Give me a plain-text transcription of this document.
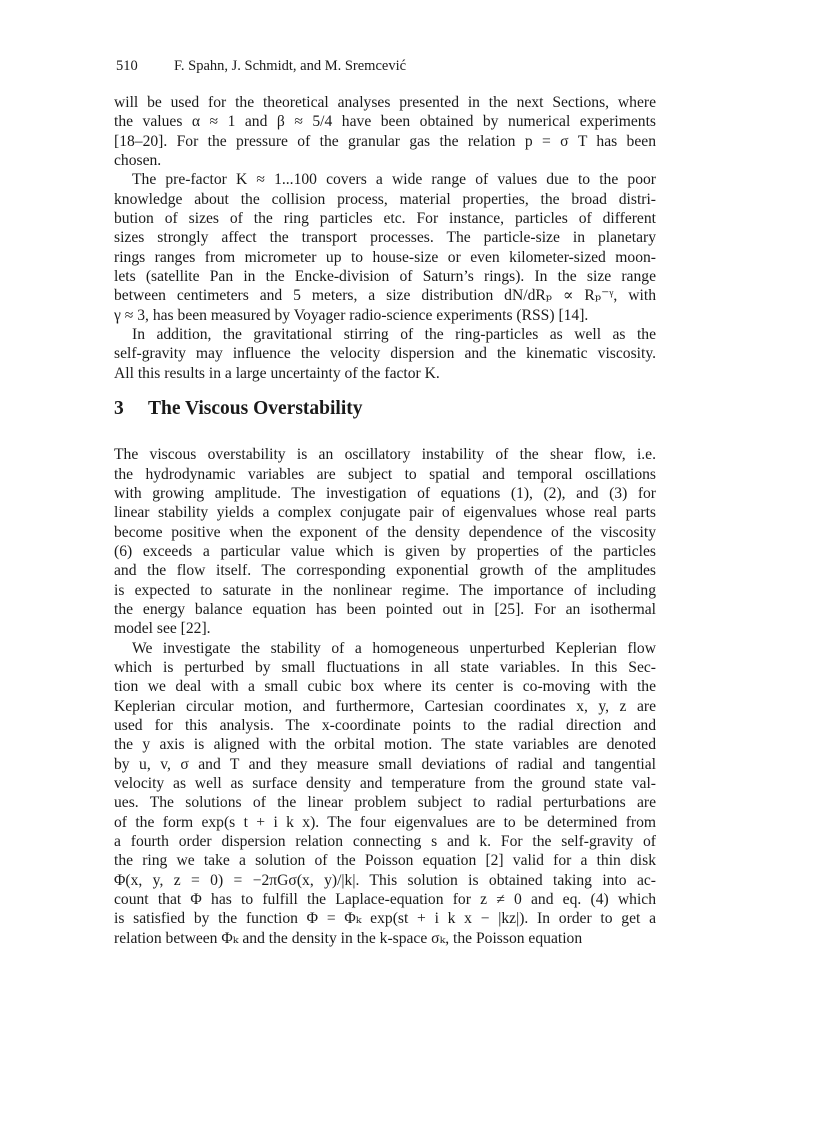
510	F. Spahn, J. Schmidt, and M. Sremcević
will be used for the theoretical analyses presented in the next Sections, where
the values α ≈ 1 and β ≈ 5/4 have been obtained by numerical experiments
[18–20]. For the pressure of the granular gas the relation p = σ T has been
chosen.
The pre-factor K ≈ 1...100 covers a wide range of values due to the poor
knowledge about the collision process, material properties, the broad distri-
bution of sizes of the ring particles etc. For instance, particles of different
sizes strongly affect the transport processes. The particle-size in planetary
rings ranges from micrometer up to house-size or even kilometer-sized moon-
lets (satellite Pan in the Encke-division of Saturn’s rings). In the size range
between centimeters and 5 meters, a size distribution dN/dRₚ ∝ Rₚ⁻ᵞ, with
γ ≈ 3, has been measured by Voyager radio-science experiments (RSS) [14].
In addition, the gravitational stirring of the ring-particles as well as the
self-gravity may influence the velocity dispersion and the kinematic viscosity.
All this results in a large uncertainty of the factor K.
3 The Viscous Overstability
The viscous overstability is an oscillatory instability of the shear flow, i.e.
the hydrodynamic variables are subject to spatial and temporal oscillations
with growing amplitude. The investigation of equations (1), (2), and (3) for
linear stability yields a complex conjugate pair of eigenvalues whose real parts
become positive when the exponent of the density dependence of the viscosity
(6) exceeds a particular value which is given by properties of the particles
and the flow itself. The corresponding exponential growth of the amplitudes
is expected to saturate in the nonlinear regime. The importance of including
the energy balance equation has been pointed out in [25]. For an isothermal
model see [22].
We investigate the stability of a homogeneous unperturbed Keplerian flow
which is perturbed by small fluctuations in all state variables. In this Sec-
tion we deal with a small cubic box where its center is co-moving with the
Keplerian circular motion, and furthermore, Cartesian coordinates x, y, z are
used for this analysis. The x-coordinate points to the radial direction and
the y axis is aligned with the orbital motion. The state variables are denoted
by u, v, σ and T and they measure small deviations of radial and tangential
velocity as well as surface density and temperature from the ground state val-
ues. The solutions of the linear problem subject to radial perturbations are
of the form exp(s t + i k x). The four eigenvalues are to be determined from
a fourth order dispersion relation connecting s and k. For the self-gravity of
the ring we take a solution of the Poisson equation [2] valid for a thin disk
Φ(x, y, z = 0) = −2πGσ(x, y)/|k|. This solution is obtained taking into ac-
count that Φ has to fulfill the Laplace-equation for z ≠ 0 and eq. (4) which
is satisfied by the function Φ = Φₖ exp(st + i k x − |kz|). In order to get a
relation between Φₖ and the density in the k-space σₖ, the Poisson equation
